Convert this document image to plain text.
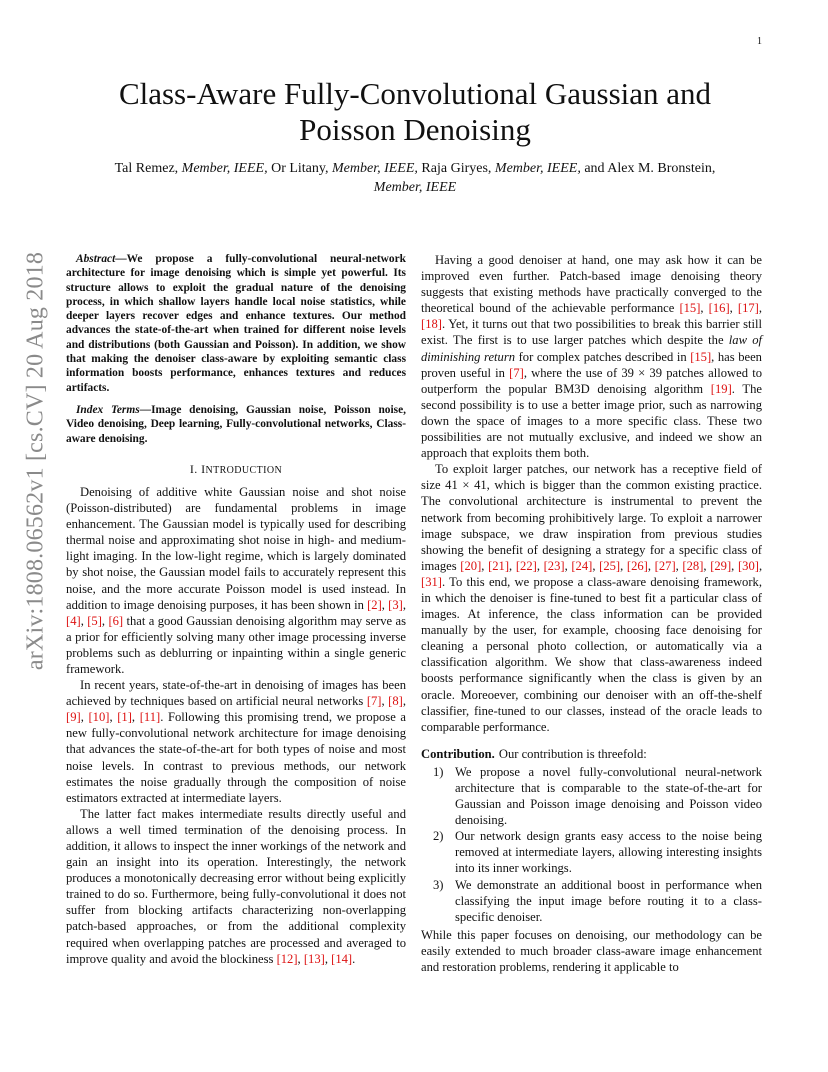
1
arXiv:1808.06562v1 [cs.CV] 20 Aug 2018
Class-Aware Fully-Convolutional Gaussian and
Poisson Denoising
Tal Remez, Member, IEEE, Or Litany, Member, IEEE, Raja Giryes, Member, IEEE, and Alex M. Bronstein, Member, IEEE

Abstract—We propose a fully-convolutional neural-network architecture for image denoising which is simple yet powerful. Its structure allows to exploit the gradual nature of the denoising process, in which shallow layers handle local noise statistics, while deeper layers recover edges and enhance textures. Our method advances the state-of-the-art when trained for different noise levels and distributions (both Gaussian and Poisson). In addition, we show that making the denoiser class-aware by exploiting semantic class information boosts performance, enhances textures and reduces artifacts.

Index Terms—Image denoising, Gaussian noise, Poisson noise, Video denoising, Deep learning, Fully-convolutional networks, Class-aware denoising.

I. INTRODUCTION

Denoising of additive white Gaussian noise and shot noise (Poisson-distributed) are fundamental problems in image enhancement. The Gaussian model is typically used for describing thermal noise and approximating shot noise in high- and medium-light imaging. In the low-light regime, which is largely dominated by shot noise, the Gaussian model fails to accurately represent this noise, and the more accurate Poisson model is used instead. In addition to image denoising purposes, it has been shown in [2], [3], [4], [5], [6] that a good Gaussian denoising algorithm may serve as a prior for efficiently solving many other image processing inverse problems such as deblurring or inpainting within a single generic framework.

In recent years, state-of-the-art in denoising of images has been achieved by techniques based on artificial neural networks [7], [8], [9], [10], [1], [11]. Following this promising trend, we propose a new fully-convolutional network architecture for image denoising that advances the state-of-the-art for both types of noise and most noise levels. In contrast to previous methods, our network estimates the noise gradually through the composition of noise estimators extracted at intermediate layers.

The latter fact makes intermediate results directly useful and allows a well timed termination of the denoising process. In addition, it allows to inspect the inner workings of the network and gain an insight into its operation. Interestingly, the network produces a monotonically decreasing error without being explicitly trained to do so. Furthermore, being fully-convolutional it does not suffer from blocking artifacts characterizing non-overlapping patch-based approaches, or from the additional complexity required when overlapping patches are processed and averaged to improve quality and avoid the blockiness [12], [13], [14].

Having a good denoiser at hand, one may ask how it can be improved even further. Patch-based image denoising theory suggests that existing methods have practically converged to the theoretical bound of the achievable performance [15], [16], [17], [18]. Yet, it turns out that two possibilities to break this barrier still exist. The first is to use larger patches which despite the law of diminishing return for complex patches described in [15], has been proven useful in [7], where the use of 39 × 39 patches allowed to outperform the popular BM3D denoising algorithm [19]. The second possibility is to use a better image prior, such as narrowing down the space of images to a more specific class. These two possibilities are not mutually exclusive, and indeed we show an approach that exploits them both.

To exploit larger patches, our network has a receptive field of size 41 × 41, which is bigger than the common existing practice. The convolutional architecture is instrumental to prevent the network from becoming prohibitively large. To exploit a narrower image subspace, we draw inspiration from previous studies showing the benefit of designing a strategy for a specific class of images [20], [21], [22], [23], [24], [25], [26], [27], [28], [29], [30], [31]. To this end, we propose a class-aware denoising framework, in which the denoiser is fine-tuned to best fit a particular class of images. At inference, the class information can be provided manually by the user, for example, choosing face denoising for cleaning a personal photo collection, or automatically via a classification algorithm. We show that class-awareness indeed boosts performance significantly when the class is given by an oracle. Moreoever, combining our denoiser with an off-the-shelf classifier, fine-tuned to our classes, instead of the oracle leads to comparable performance.

Contribution. Our contribution is threefold:

1) We propose a novel fully-convolutional neural-network architecture that is comparable to the state-of-the-art for Gaussian and Poisson image denoising and Poisson video denoising.
2) Our network design grants easy access to the noise being removed at intermediate layers, allowing interesting insights into its inner workings.
3) We demonstrate an additional boost in performance when classifying the input image before routing it to a class-specific denoiser.

While this paper focuses on denoising, our methodology can be easily extended to much broader class-aware image enhancement and restoration problems, rendering it applicable to
